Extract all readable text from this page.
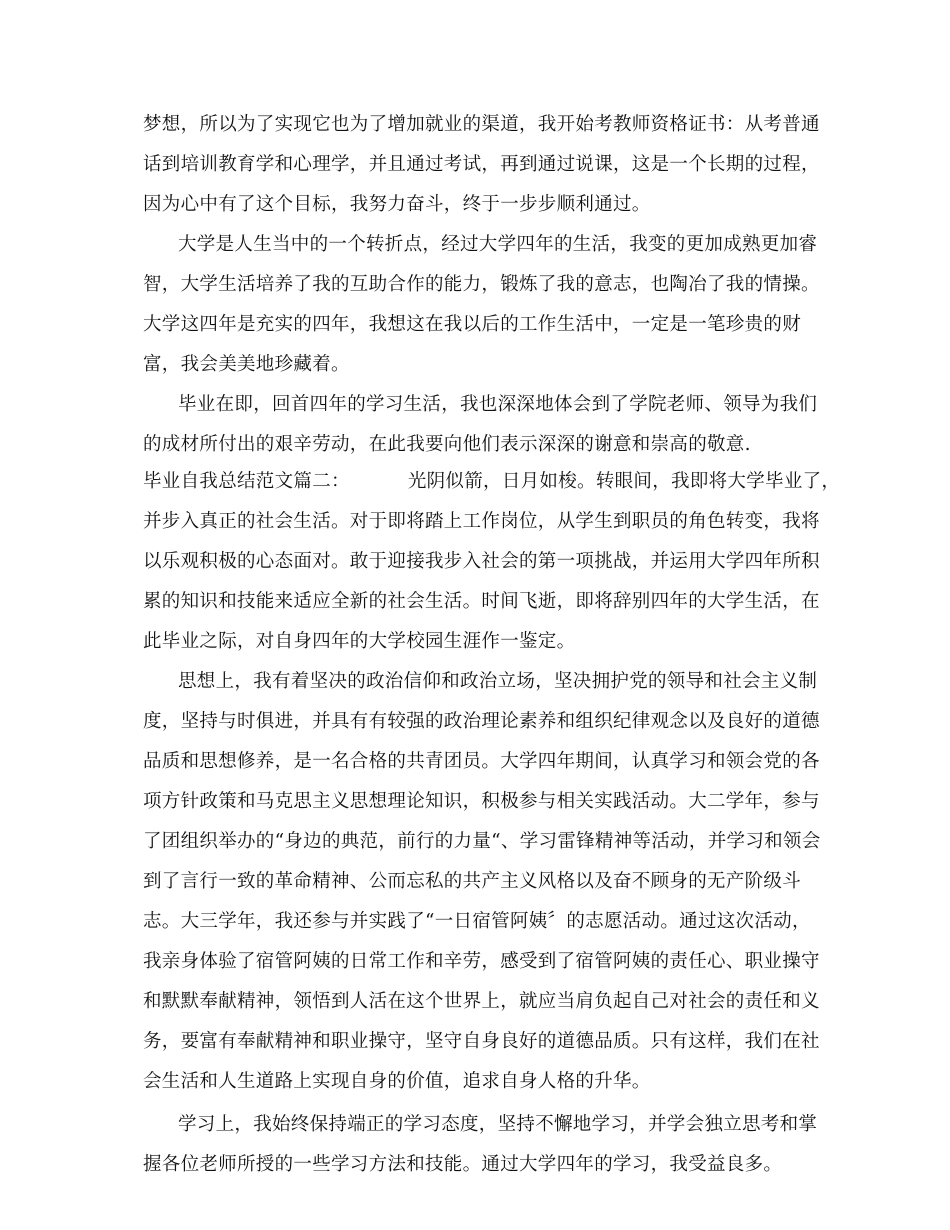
梦想，所以为了实现它也为了增加就业的渠道，我开始考教师资格证书：从考普通
话到培训教育学和心理学，并且通过考试，再到通过说课，这是一个长期的过程，
因为心中有了这个目标，我努力奋斗，终于一步步顺利通过。
大学是人生当中的一个转折点，经过大学四年的生活，我变的更加成熟更加睿
智，大学生活培养了我的互助合作的能力，锻炼了我的意志，也陶冶了我的情操。
大学这四年是充实的四年，我想这在我以后的工作生活中，一定是一笔珍贵的财
富，我会美美地珍藏着。
毕业在即，回首四年的学习生活，我也深深地体会到了学院老师、领导为我们
的成材所付出的艰辛劳动，在此我要向他们表示深深的谢意和崇高的敬意.
毕业自我总结范文篇二：	光阴似箭，日月如梭。转眼间，我即将大学毕业了，
并步入真正的社会生活。对于即将踏上工作岗位，从学生到职员的角色转变，我将
以乐观积极的心态面对。敢于迎接我步入社会的第一项挑战，并运用大学四年所积
累的知识和技能来适应全新的社会生活。时间飞逝，即将辞别四年的大学生活，在
此毕业之际，对自身四年的大学校园生涯作一鉴定。
思想上，我有着坚决的政治信仰和政治立场，坚决拥护党的领导和社会主义制
度，坚持与时俱进，并具有有较强的政治理论素养和组织纪律观念以及良好的道德
品质和思想修养，是一名合格的共青团员。大学四年期间，认真学习和领会党的各
项方针政策和马克思主义思想理论知识，积极参与相关实践活动。大二学年，参与
了团组织举办的“身边的典范，前行的力量“、学习雷锋精神等活动，并学习和领会
到了言行一致的革命精神、公而忘私的共产主义风格以及奋不顾身的无产阶级斗
志。大三学年，我还参与并实践了“一日宿管阿姨〞的志愿活动。通过这次活动，
我亲身体验了宿管阿姨的日常工作和辛劳，感受到了宿管阿姨的责任心、职业操守
和默默奉献精神，领悟到人活在这个世界上，就应当肩负起自己对社会的责任和义
务，要富有奉献精神和职业操守，坚守自身良好的道德品质。只有这样，我们在社
会生活和人生道路上实现自身的价值，追求自身人格的升华。
学习上，我始终保持端正的学习态度，坚持不懈地学习，并学会独立思考和掌
握各位老师所授的一些学习方法和技能。通过大学四年的学习，我受益良多。
